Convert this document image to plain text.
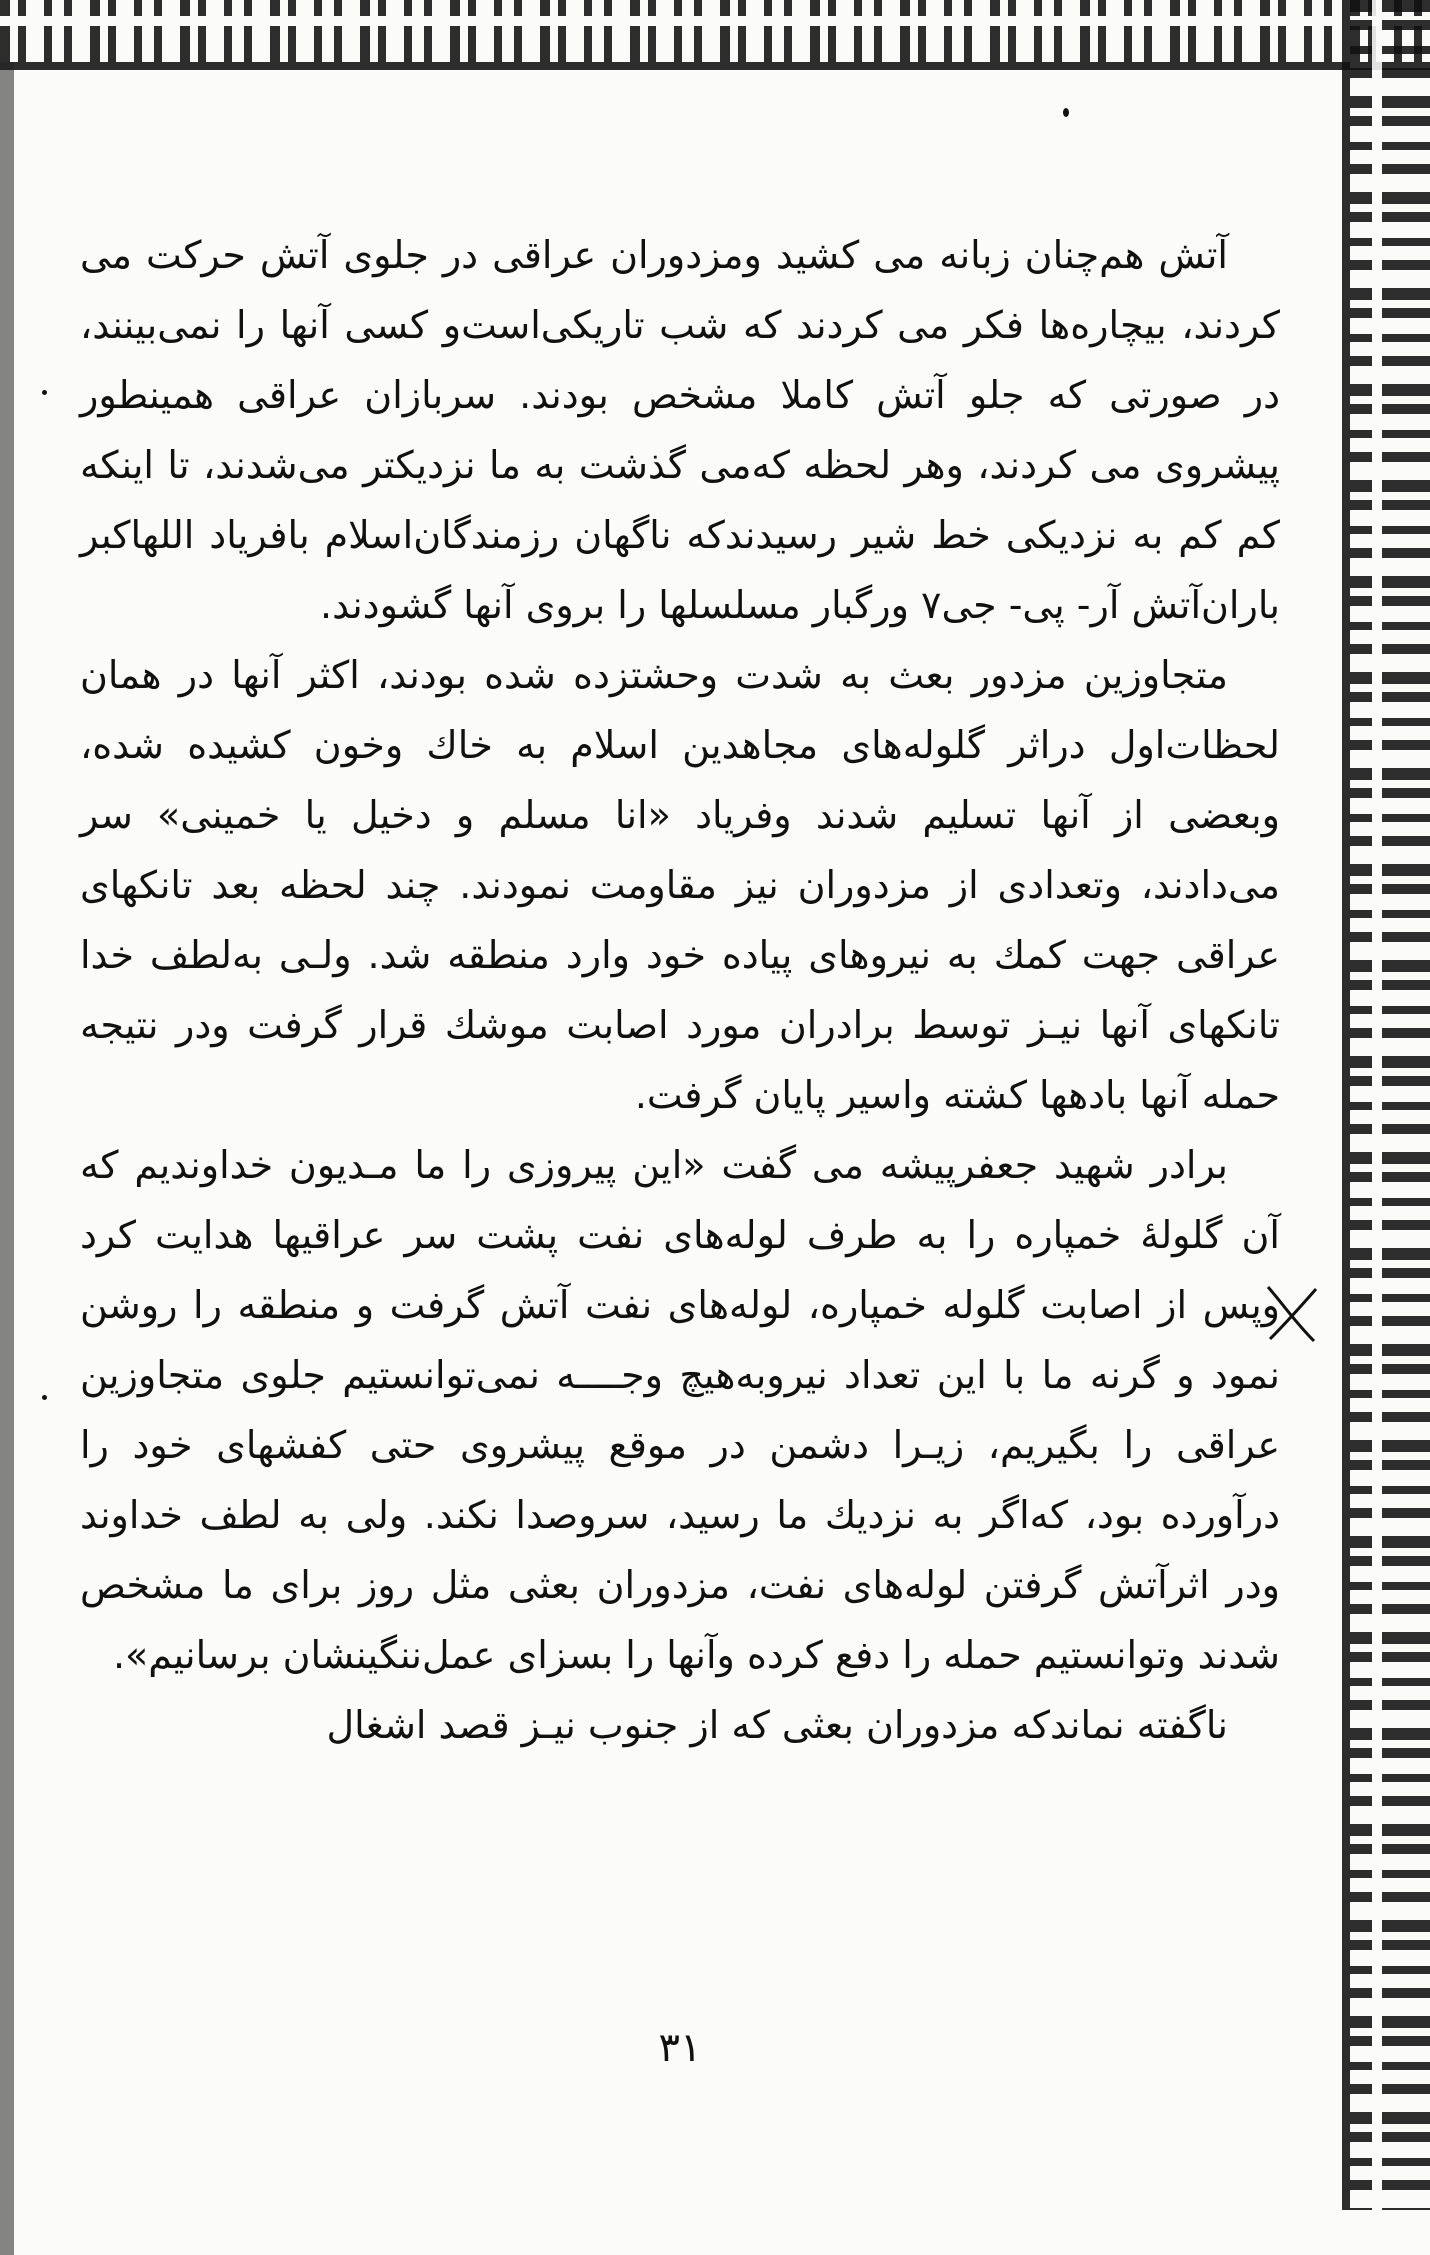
آتش هم‌چنان زبانه می کشید ومزدوران عراقی در جلوی آتش حرکت می کردند، بیچاره‌ها فکر می کردند که شب تاریکی‌است‌و کسی آنها را نمی‌بینند، در صورتی که جلو آتش کاملا مشخص بودند. سربازان عراقی همینطور پیشروی می کردند، وهر لحظه که‌می گذشت به ما نزدیکتر می‌شدند، تا اینکه کم کم به نزدیکی خط شیر رسیدند‌که ناگهان رزمندگان‌اسلام بافریاد اللهاکبر باران‌آتش آر- پی- جی۷ ورگبار مسلسلها را بروی آنها گشودند.

متجاوزین مزدور بعث به شدت وحشتزده شده بودند، اکثر آنها در همان لحظات‌اول دراثر گلوله‌های مجاهدین اسلام به خاك وخون کشیده شده، وبعضی از آنها تسلیم شدند وفریاد «انا مسلم و دخیل یا خمینی» سر می‌دادند، وتعدادی از مزدوران نیز مقاومت نمودند. چند لحظه بعد تانکهای عراقی جهت کمك به نیروهای پیاده خود وارد منطقه شد. ولـی به‌لطف خدا تانکهای آنها نیـز توسط برادران مورد اصابت موشك قرار گرفت ودر نتیجه حمله آنها بادهها کشته واسیر پایان گرفت.

برادر شهید جعفرپیشه می گفت «این پیروزی را ما مـدیون خداوندیم که آن گلولهٔ خمپاره را به طرف لوله‌های نفت پشت سر عراقیها هدایت کرد وپس از اصابت گلوله خمپاره، لوله‌های نفت آتش گرفت و منطقه را روشن نمود و گرنه ما با این تعداد نیروبه‌هیچ وجــــه نمی‌توانستیم جلوی متجاوزین عراقی را بگیریم، زیـرا دشمن در موقع پیشروی حتی کفشهای خود را درآورده بود، که‌اگر به نزدیك ما رسید، سروصدا نکند. ولی به لطف خداوند ودر اثرآتش گرفتن لوله‌های نفت، مزدوران بعثی مثل روز برای ما مشخص شدند وتوانستیم حمله را دفع کرده وآنها را بسزای عمل‌ننگینشان برسانیم».

ناگفته نماندکه مزدوران بعثی که از جنوب نیـز قصد اشغال

۳۱
